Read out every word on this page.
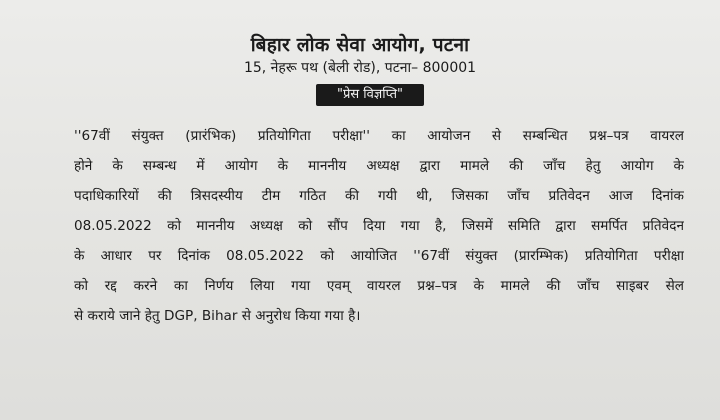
बिहार लोक सेवा आयोग, पटना
15, नेहरू पथ (बेली रोड), पटना– 800001
"प्रेस विज्ञप्ति"
''67वीं संयुक्त (प्रारंभिक) प्रतियोगिता परीक्षा'' का आयोजन से सम्बन्धित प्रश्न–पत्र वायरल
होने के सम्बन्ध में आयोग के माननीय अध्यक्ष द्वारा मामले की जाँच हेतु आयोग के
पदाधिकारियों की त्रिसदस्यीय टीम गठित की गयी थी, जिसका जाँच प्रतिवेदन आज दिनांक
08.05.2022 को माननीय अध्यक्ष को सौंप दिया गया है, जिसमें समिति द्वारा समर्पित प्रतिवेदन
के आधार पर दिनांक 08.05.2022 को आयोजित ''67वीं संयुक्त (प्रारम्भिक) प्रतियोगिता परीक्षा
को रद्द करने का निर्णय लिया गया एवम् वायरल प्रश्न–पत्र के मामले की जाँच साइबर सेल
से कराये जाने हेतु DGP, Bihar से अनुरोध किया गया है।
